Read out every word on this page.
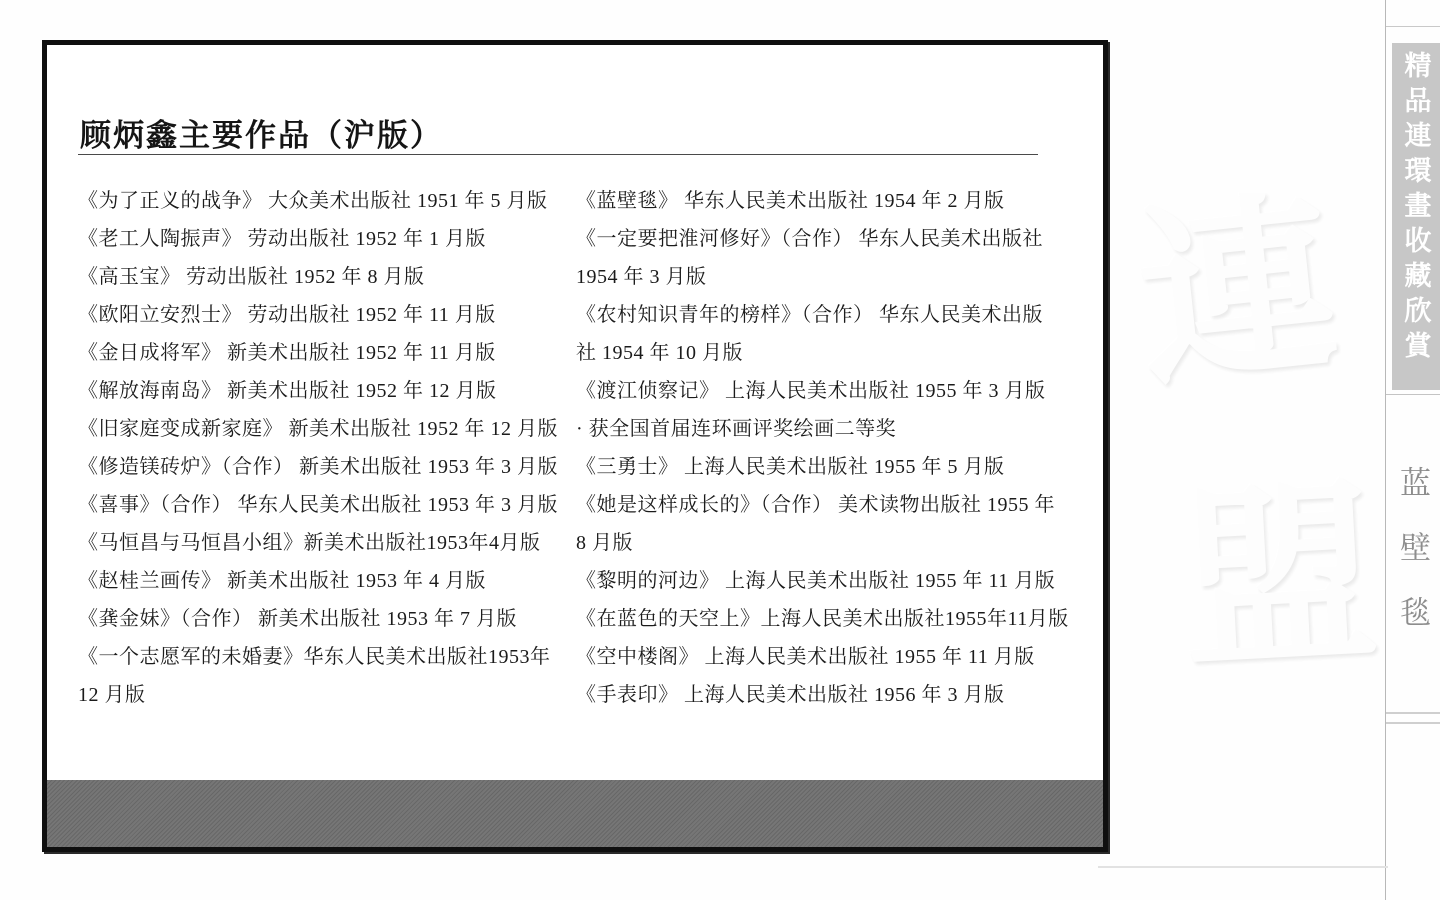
顾炳鑫主要作品（沪版）
《为了正义的战争》 大众美术出版社 1951 年 5 月版
《老工人陶振声》 劳动出版社 1952 年 1 月版
《高玉宝》 劳动出版社 1952 年 8 月版
《欧阳立安烈士》 劳动出版社 1952 年 11 月版
《金日成将军》 新美术出版社 1952 年 11 月版
《解放海南岛》 新美术出版社 1952 年 12 月版
《旧家庭变成新家庭》 新美术出版社 1952 年 12 月版
《修造镁砖炉》（合作） 新美术出版社 1953 年 3 月版
《喜事》（合作） 华东人民美术出版社 1953 年 3 月版
《马恒昌与马恒昌小组》新美术出版社1953年4月版
《赵桂兰画传》 新美术出版社 1953 年 4 月版
《龚金妹》（合作） 新美术出版社 1953 年 7 月版
《一个志愿军的未婚妻》华东人民美术出版社1953年
12 月版
《蓝壁毯》 华东人民美术出版社 1954 年 2 月版
《一定要把淮河修好》（合作） 华东人民美术出版社
1954 年 3 月版
《农村知识青年的榜样》（合作） 华东人民美术出版
社 1954 年 10 月版
《渡江侦察记》 上海人民美术出版社 1955 年 3 月版
· 获全国首届连环画评奖绘画二等奖
《三勇士》 上海人民美术出版社 1955 年 5 月版
《她是这样成长的》（合作） 美术读物出版社 1955 年
8 月版
《黎明的河边》 上海人民美术出版社 1955 年 11 月版
《在蓝色的天空上》上海人民美术出版社1955年11月版
《空中楼阁》 上海人民美术出版社 1955 年 11 月版
《手表印》 上海人民美术出版社 1956 年 3 月版
連
盟
精品連環畫收藏欣賞
蓝壁毯
